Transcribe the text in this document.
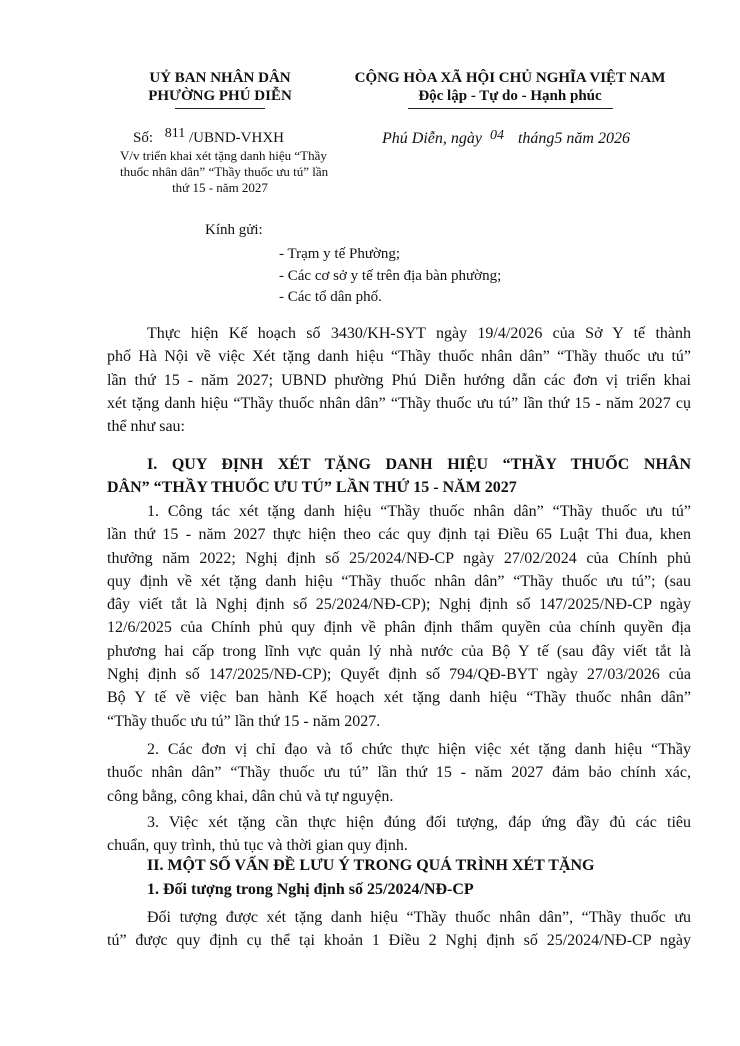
UỶ BAN NHÂN DÂN
PHƯỜNG PHÚ DIỄN
Số: 811 /UBND-VHXH
V/v triển khai xét tặng danh hiệu “Thầy
thuốc nhân dân” “Thầy thuốc ưu tú” lần
thứ 15 - năm 2027
CỘNG HÒA XÃ HỘI CHỦ NGHĨA VIỆT NAM
Độc lập - Tự do - Hạnh phúc
Phú Diễn, ngày 04 tháng5 năm 2026
Kính gửi:
- Trạm y tế Phường;
- Các cơ sở y tế trên địa bàn phường;
- Các tổ dân phố.
Thực hiện Kế hoạch số 3430/KH-SYT ngày 19/4/2026 của Sở Y tế thành
phố Hà Nội về việc Xét tặng danh hiệu “Thầy thuốc nhân dân” “Thầy thuốc ưu tú”
lần thứ 15 - năm 2027; UBND phường Phú Diễn hướng dẫn các đơn vị triển khai
xét tặng danh hiệu “Thầy thuốc nhân dân” “Thầy thuốc ưu tú” lần thứ 15 - năm 2027 cụ
thể như sau:
I. QUY ĐỊNH XÉT TẶNG DANH HIỆU “THẦY THUỐC NHÂN
DÂN” “THẦY THUỐC ƯU TÚ” LẦN THỨ 15 - NĂM 2027
1. Công tác xét tặng danh hiệu “Thầy thuốc nhân dân” “Thầy thuốc ưu tú”
lần thứ 15 - năm 2027 thực hiện theo các quy định tại Điều 65 Luật Thi đua, khen
thưởng năm 2022; Nghị định số 25/2024/NĐ-CP ngày 27/02/2024 của Chính phủ
quy định về xét tặng danh hiệu “Thầy thuốc nhân dân” “Thầy thuốc ưu tú”; (sau
đây viết tắt là Nghị định số 25/2024/NĐ-CP); Nghị định số 147/2025/NĐ-CP ngày
12/6/2025 của Chính phủ quy định về phân định thẩm quyền của chính quyền địa
phương hai cấp trong lĩnh vực quản lý nhà nước của Bộ Y tế (sau đây viết tắt là
Nghị định số 147/2025/NĐ-CP); Quyết định số 794/QĐ-BYT ngày 27/03/2026 của
Bộ Y tế về việc ban hành Kế hoạch xét tặng danh hiệu “Thầy thuốc nhân dân”
“Thầy thuốc ưu tú” lần thứ 15 - năm 2027.
2. Các đơn vị chỉ đạo và tổ chức thực hiện việc xét tặng danh hiệu “Thầy
thuốc nhân dân” “Thầy thuốc ưu tú” lần thứ 15 - năm 2027 đảm bảo chính xác,
công bằng, công khai, dân chủ và tự nguyện.
3. Việc xét tặng cần thực hiện đúng đối tượng, đáp ứng đầy đủ các tiêu
chuẩn, quy trình, thủ tục và thời gian quy định.
II. MỘT SỐ VẤN ĐỀ LƯU Ý TRONG QUÁ TRÌNH XÉT TẶNG
1. Đối tượng trong Nghị định số 25/2024/NĐ-CP
Đối tượng được xét tặng danh hiệu “Thầy thuốc nhân dân”, “Thầy thuốc ưu
tú” được quy định cụ thể tại khoản 1 Điều 2 Nghị định số 25/2024/NĐ-CP ngày
